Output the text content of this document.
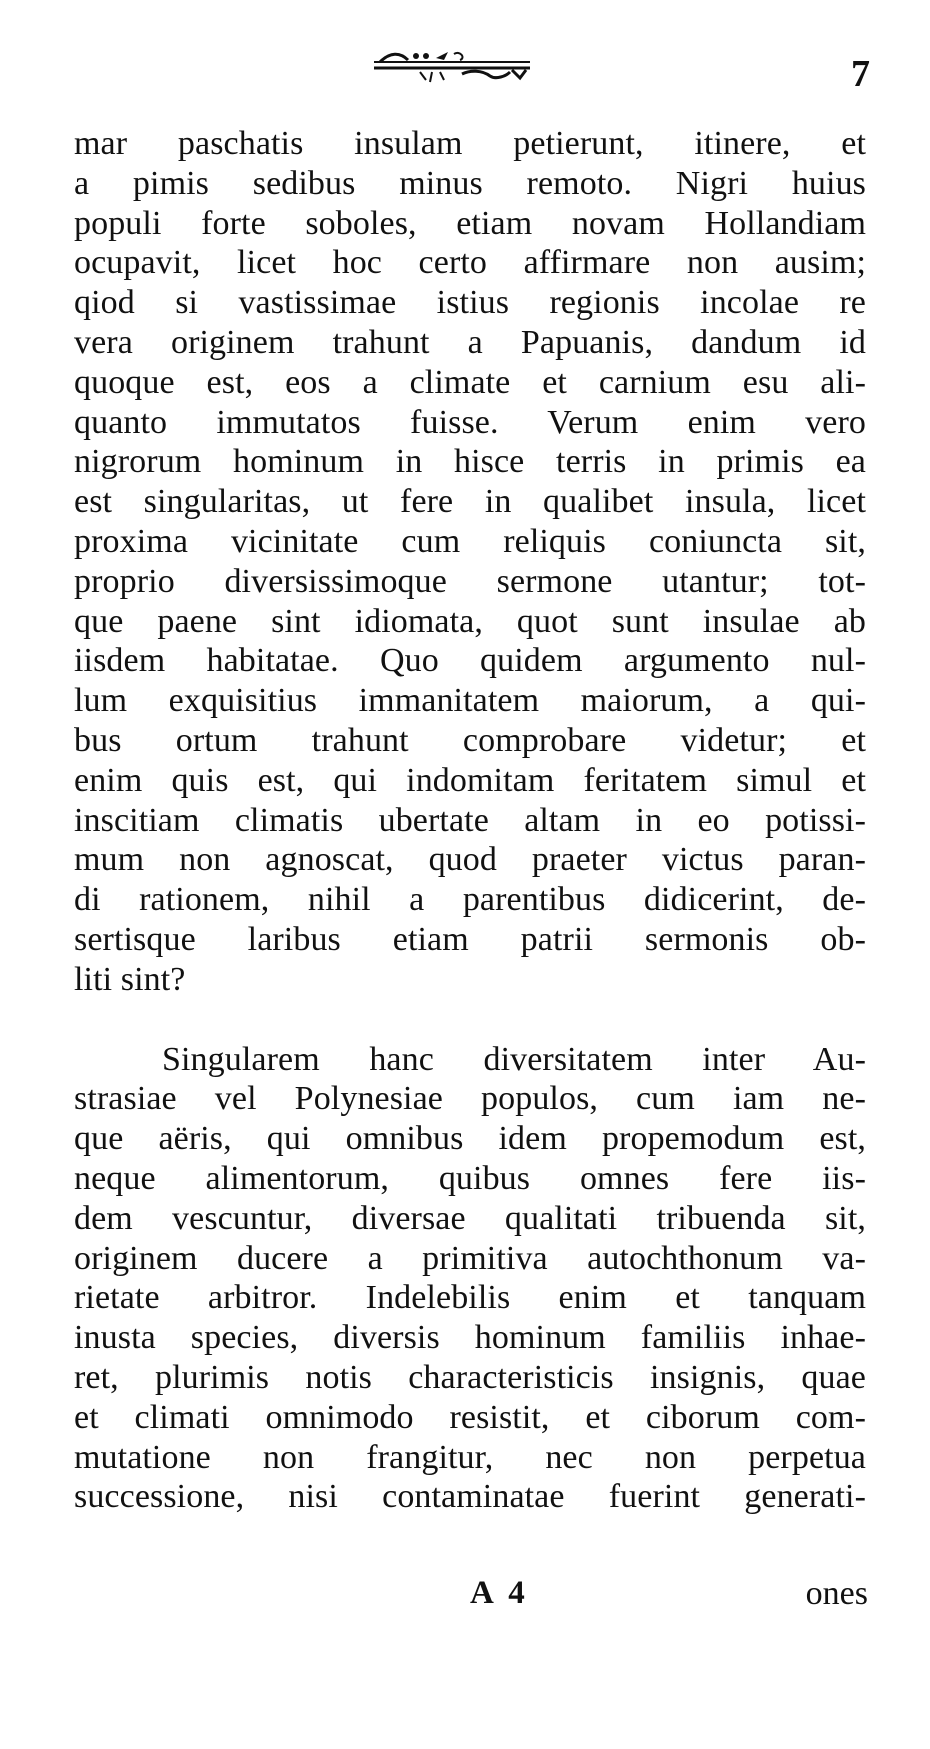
7
mar paschatis insulam petierunt, itinere, et
a pimis sedibus minus remoto. Nigri huius
populi forte soboles, etiam novam Hollandiam
ocupavit, licet hoc certo affirmare non ausim;
qiod si vastissimae istius regionis incolae re
vera originem trahunt a Papuanis, dandum id
quoque est, eos a climate et carnium esu ali-
quanto immutatos fuisse. Verum enim vero
nigrorum hominum in hisce terris in primis ea
est singularitas, ut fere in qualibet insula, licet
proxima vicinitate cum reliquis coniuncta sit,
proprio diversissimoque sermone utantur; tot-
que paene sint idiomata, quot sunt insulae ab
iisdem habitatae. Quo quidem argumento nul-
lum exquisitius immanitatem maiorum, a qui-
bus ortum trahunt comprobare videtur; et
enim quis est, qui indomitam feritatem simul et
inscitiam climatis ubertate altam in eo potissi-
mum non agnoscat, quod praeter victus paran-
di rationem, nihil a parentibus didicerint, de-
sertisque laribus etiam patrii sermonis ob-
liti sint?
Singularem hanc diversitatem inter Au-
strasiae vel Polynesiae populos, cum iam ne-
que aëris, qui omnibus idem propemodum est,
neque alimentorum, quibus omnes fere iis-
dem vescuntur, diversae qualitati tribuenda sit,
originem ducere a primitiva autochthonum va-
rietate arbitror. Indelebilis enim et tanquam
inusta species, diversis hominum familiis inhae-
ret, plurimis notis characteristicis insignis, quae
et climati omnimodo resistit, et ciborum com-
mutatione non frangitur, nec non perpetua
successione, nisi contaminatae fuerint generati-
A 4	ones
